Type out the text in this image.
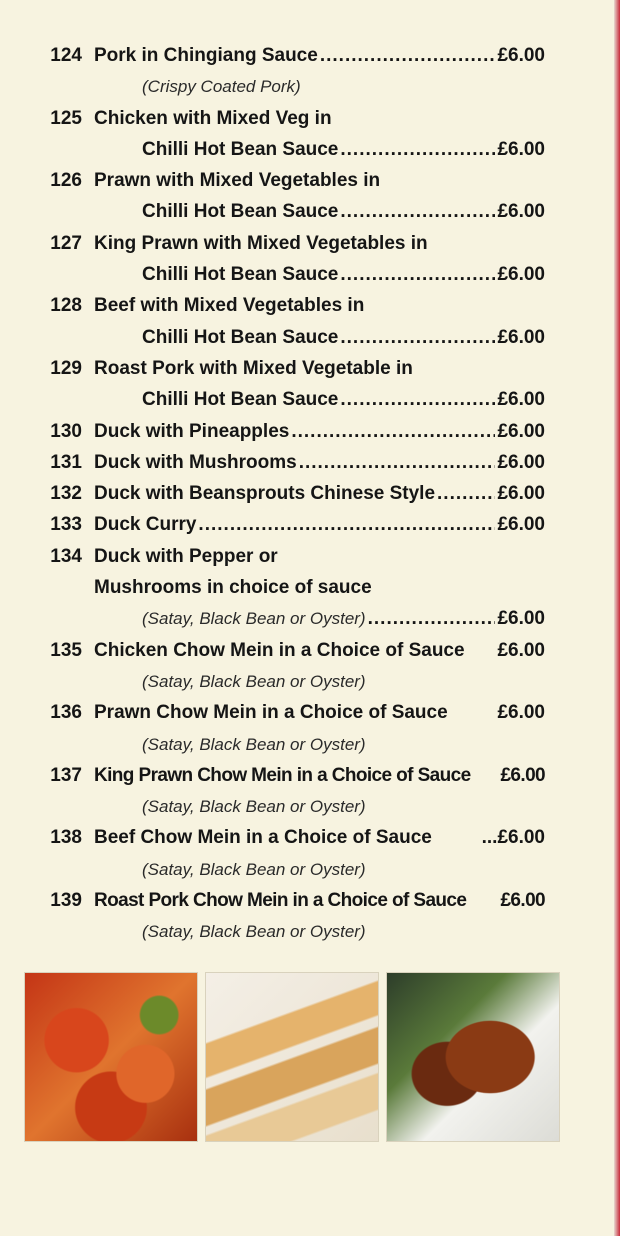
124 Pork in Chingiang Sauce .....	£6.00
(Crispy Coated Pork)
125 Chicken with Mixed Veg in
Chilli Hot Bean Sauce .....	£6.00
126 Prawn with Mixed Vegetables in
Chilli Hot Bean Sauce .....	£6.00
127 King Prawn with Mixed Vegetables in
Chilli Hot Bean Sauce .....	£6.00
128 Beef with Mixed Vegetables in
Chilli Hot Bean Sauce .....	£6.00
129 Roast Pork with Mixed Vegetable in
Chilli Hot Bean Sauce .....	£6.00
130 Duck with Pineapples .....	£6.00
131 Duck with Mushrooms .....	£6.00
132 Duck with Beansprouts Chinese Style .....	£6.00
133 Duck Curry .....	£6.00
134 Duck with Pepper or
Mushrooms in choice of sauce
(Satay, Black Bean or Oyster) .....	£6.00
135 Chicken Chow Mein in a Choice of Sauce £6.00
(Satay, Black Bean or Oyster)
136 Prawn Chow Mein in a Choice of Sauce	£6.00
(Satay, Black Bean or Oyster)
137 King Prawn Chow Mein in a Choice of Sauce £6.00
(Satay, Black Bean or Oyster)
138 Beef Chow Mein in a Choice of Sauce	...£6.00
(Satay, Black Bean or Oyster)
139 Roast Pork Chow Mein in a Choice of Sauce £6.00
(Satay, Black Bean or Oyster)
